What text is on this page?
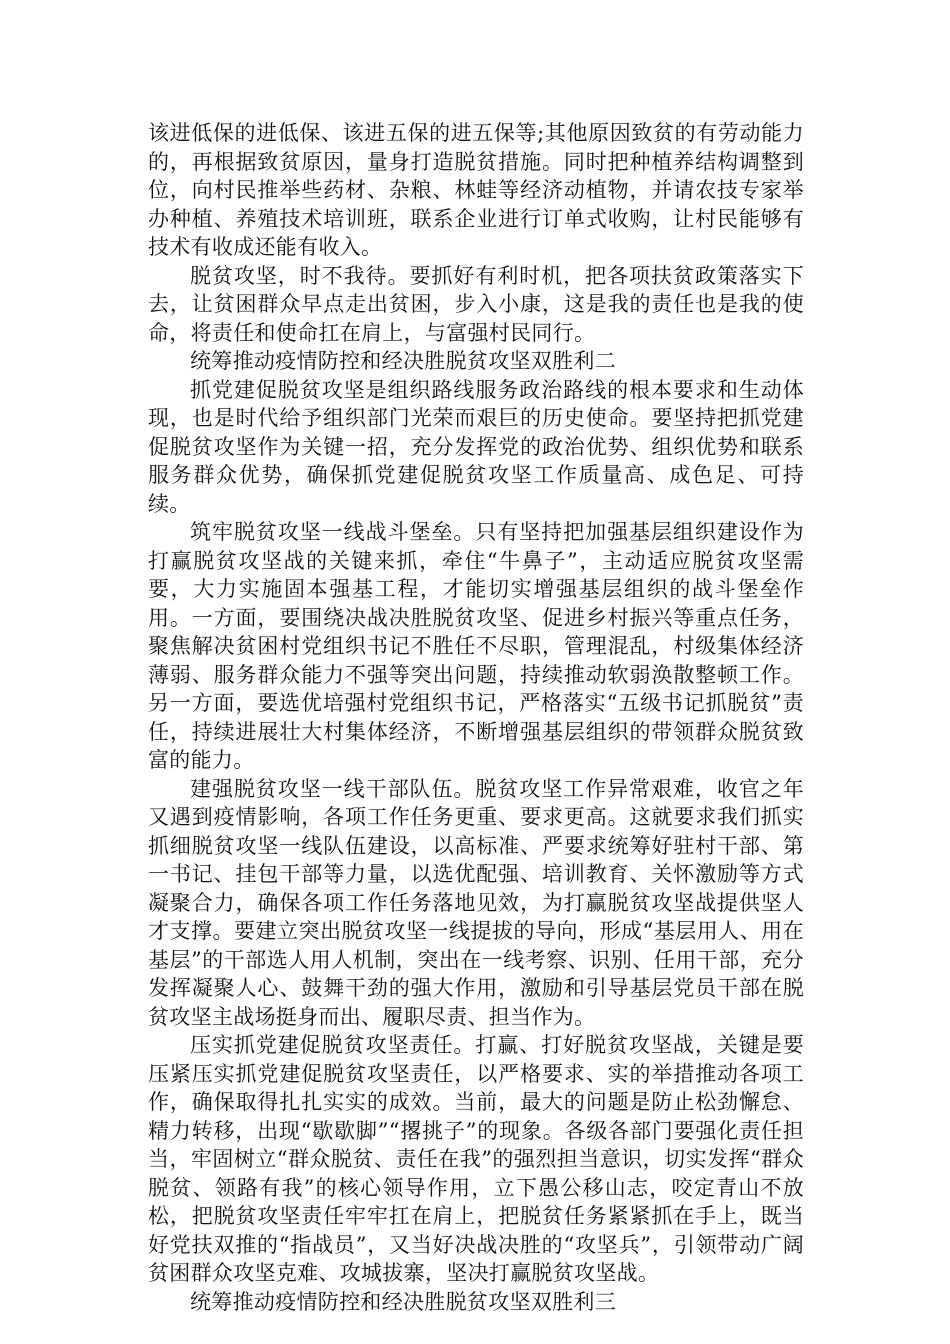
该进低保的进低保、该进五保的进五保等;其他原因致贫的有劳动能力的，再根据致贫原因，量身打造脱贫措施。同时把种植养结构调整到位，向村民推举些药材、杂粮、林蛙等经济动植物，并请农技专家举办种植、养殖技术培训班，联系企业进行订单式收购，让村民能够有技术有收成还能有收入。

脱贫攻坚，时不我待。要抓好有利时机，把各项扶贫政策落实下去，让贫困群众早点走出贫困，步入小康，这是我的责任也是我的使命，将责任和使命扛在肩上，与富强村民同行。

统筹推动疫情防控和经决胜脱贫攻坚双胜利二

抓党建促脱贫攻坚是组织路线服务政治路线的根本要求和生动体现，也是时代给予组织部门光荣而艰巨的历史使命。要坚持把抓党建促脱贫攻坚作为关键一招，充分发挥党的政治优势、组织优势和联系服务群众优势，确保抓党建促脱贫攻坚工作质量高、成色足、可持续。

筑牢脱贫攻坚一线战斗堡垒。只有坚持把加强基层组织建设作为打赢脱贫攻坚战的关键来抓，牵住“牛鼻子”，主动适应脱贫攻坚需要，大力实施固本强基工程，才能切实增强基层组织的战斗堡垒作用。一方面，要围绕决战决胜脱贫攻坚、促进乡村振兴等重点任务，聚焦解决贫困村党组织书记不胜任不尽职，管理混乱，村级集体经济薄弱、服务群众能力不强等突出问题，持续推动软弱涣散整顿工作。另一方面，要选优培强村党组织书记，严格落实“五级书记抓脱贫”责任，持续进展壮大村集体经济，不断增强基层组织的带领群众脱贫致富的能力。

建强脱贫攻坚一线干部队伍。脱贫攻坚工作异常艰难，收官之年又遇到疫情影响，各项工作任务更重、要求更高。这就要求我们抓实抓细脱贫攻坚一线队伍建设，以高标准、严要求统筹好驻村干部、第一书记、挂包干部等力量，以选优配强、培训教育、关怀激励等方式凝聚合力，确保各项工作任务落地见效，为打赢脱贫攻坚战提供坚人才支撑。要建立突出脱贫攻坚一线提拔的导向，形成“基层用人、用在基层”的干部选人用人机制，突出在一线考察、识别、任用干部，充分发挥凝聚人心、鼓舞干劲的强大作用，激励和引导基层党员干部在脱贫攻坚主战场挺身而出、履职尽责、担当作为。

压实抓党建促脱贫攻坚责任。打赢、打好脱贫攻坚战，关键是要压紧压实抓党建促脱贫攻坚责任，以严格要求、实的举措推动各项工作，确保取得扎扎实实的成效。当前，最大的问题是防止松劲懈怠、精力转移，出现“歇歇脚”“撂挑子”的现象。各级各部门要强化责任担当，牢固树立“群众脱贫、责任在我”的强烈担当意识，切实发挥“群众脱贫、领路有我”的核心领导作用，立下愚公移山志，咬定青山不放松，把脱贫攻坚责任牢牢扛在肩上，把脱贫任务紧紧抓在手上，既当好党扶双推的“指战员”，又当好决战决胜的“攻坚兵”，引领带动广阔贫困群众攻坚克难、攻城拔寨，坚决打赢脱贫攻坚战。

统筹推动疫情防控和经决胜脱贫攻坚双胜利三
